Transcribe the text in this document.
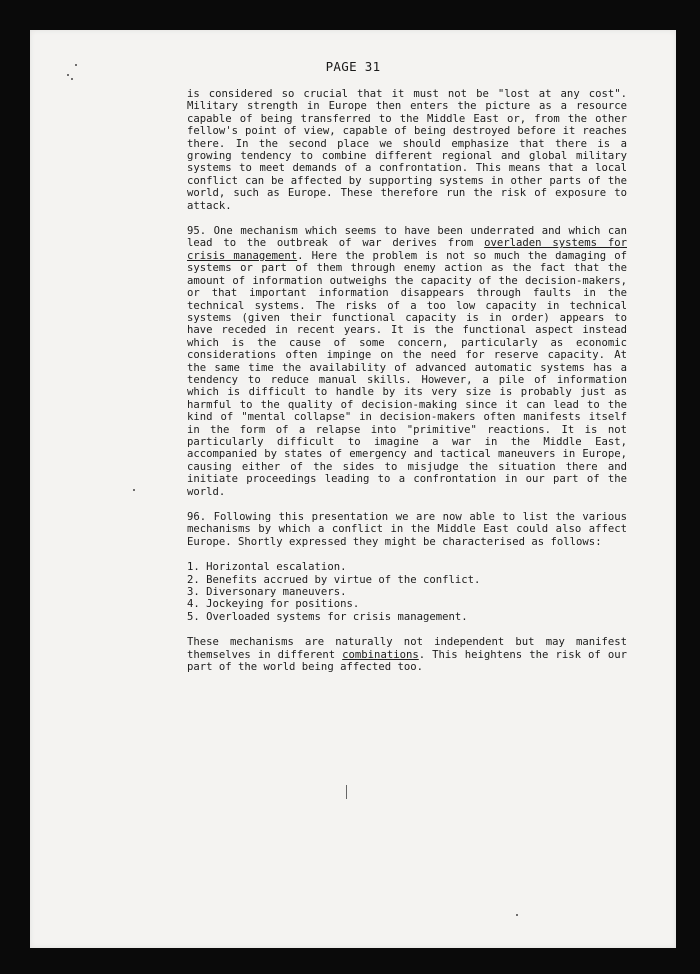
PAGE 31

is considered so crucial that it must not be "lost at any cost". Military strength in Europe then enters the picture as a resource capable of being transferred to the Middle East or, from the other fellow's point of view, capable of being destroyed before it reaches there. In the second place we should emphasize that there is a growing tendency to combine different regional and global military systems to meet demands of a confrontation. This means that a local conflict can be affected by supporting systems in other parts of the world, such as Europe. These therefore run the risk of exposure to attack.

95. One mechanism which seems to have been underrated and which can lead to the outbreak of war derives from overladen systems for crisis management. Here the problem is not so much the damaging of systems or part of them through enemy action as the fact that the amount of information outweighs the capacity of the decision-makers, or that important information disappears through faults in the technical systems. The risks of a too low capacity in technical systems (given their functional capacity is in order) appears to have receded in recent years. It is the functional aspect instead which is the cause of some concern, particularly as economic considerations often impinge on the need for reserve capacity. At the same time the availability of advanced automatic systems has a tendency to reduce manual skills. However, a pile of information which is difficult to handle by its very size is probably just as harmful to the quality of decision-making since it can lead to the kind of "mental collapse" in decision-makers often manifests itself in the form of a relapse into "primitive" reactions. It is not particularly difficult to imagine a war in the Middle East, accompanied by states of emergency and tactical maneuvers in Europe, causing either of the sides to misjudge the situation there and initiate proceedings leading to a confrontation in our part of the world.

96. Following this presentation we are now able to list the various mechanisms by which a conflict in the Middle East could also affect Europe. Shortly expressed they might be characterised as follows:

1. Horizontal escalation.
2. Benefits accrued by virtue of the conflict.
3. Diversonary maneuvers.
4. Jockeying for positions.
5. Overloaded systems for crisis management.

These mechanisms are naturally not independent but may manifest themselves in different combinations. This heightens the risk of our part of the world being affected too.
